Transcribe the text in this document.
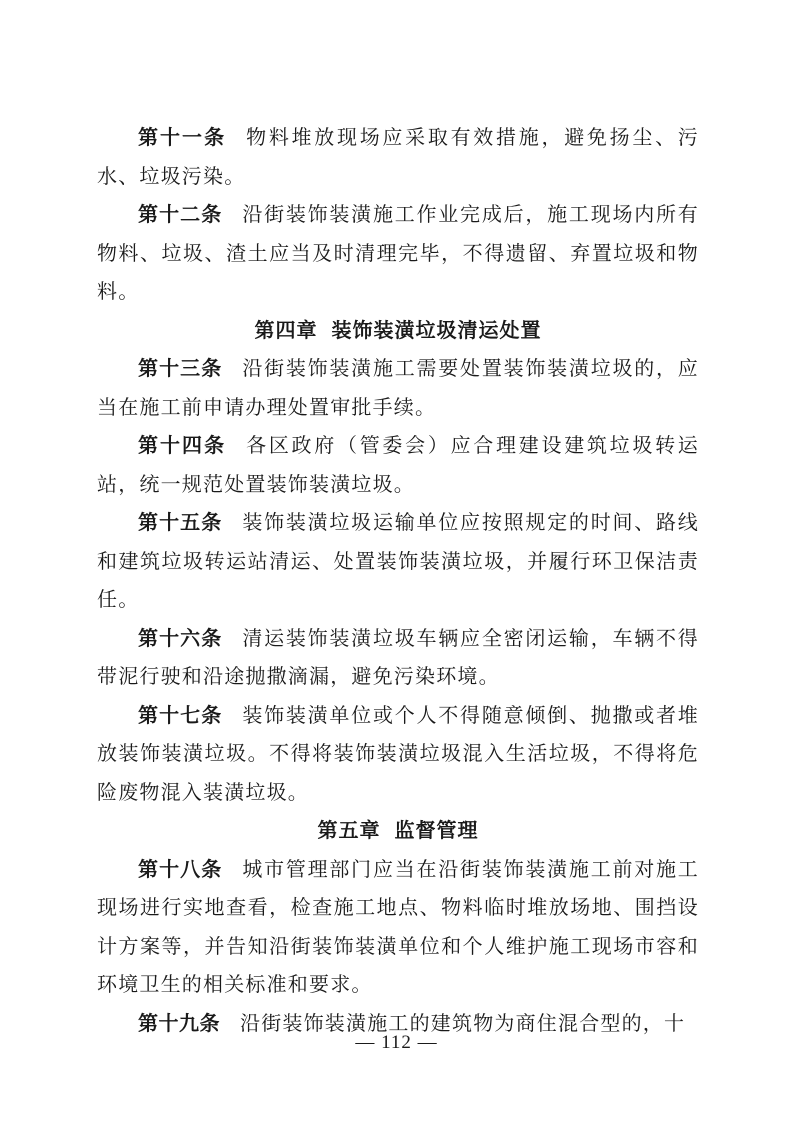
第十一条 物料堆放现场应采取有效措施，避免扬尘、污水、垃圾污染。

第十二条 沿街装饰装潢施工作业完成后，施工现场内所有物料、垃圾、渣土应当及时清理完毕，不得遗留、弃置垃圾和物料。

第四章 装饰装潢垃圾清运处置

第十三条 沿街装饰装潢施工需要处置装饰装潢垃圾的，应当在施工前申请办理处置审批手续。

第十四条 各区政府（管委会）应合理建设建筑垃圾转运站，统一规范处置装饰装潢垃圾。

第十五条 装饰装潢垃圾运输单位应按照规定的时间、路线和建筑垃圾转运站清运、处置装饰装潢垃圾，并履行环卫保洁责任。

第十六条 清运装饰装潢垃圾车辆应全密闭运输，车辆不得带泥行驶和沿途抛撒滴漏，避免污染环境。

第十七条 装饰装潢单位或个人不得随意倾倒、抛撒或者堆放装饰装潢垃圾。不得将装饰装潢垃圾混入生活垃圾，不得将危险废物混入装潢垃圾。

第五章 监督管理

第十八条 城市管理部门应当在沿街装饰装潢施工前对施工现场进行实地查看，检查施工地点、物料临时堆放场地、围挡设计方案等，并告知沿街装饰装潢单位和个人维护施工现场市容和环境卫生的相关标准和要求。

第十九条 沿街装饰装潢施工的建筑物为商住混合型的，十

— 112 —
